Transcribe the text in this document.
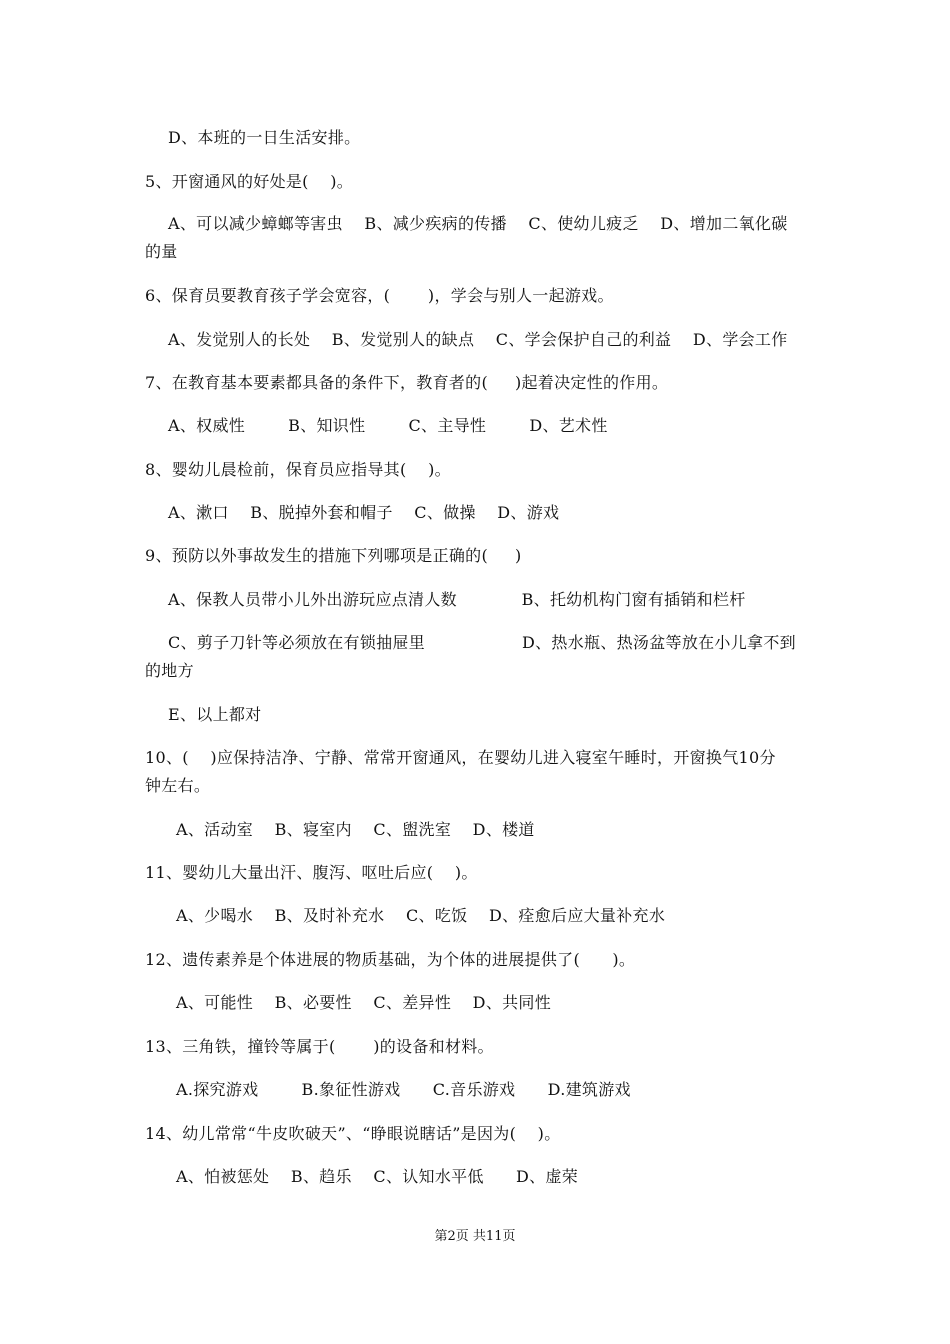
D、本班的一日生活安排。
5、开窗通风的好处是(    )。
A、可以减少蟑螂等害虫    B、减少疾病的传播    C、使幼儿疲乏    D、增加二氧化碳
的量
6、保育员要教育孩子学会宽容，(       )，学会与别人一起游戏。
A、发觉别人的长处    B、发觉别人的缺点    C、学会保护自己的利益    D、学会工作
7、在教育基本要素都具备的条件下，教育者的(     )起着决定性的作用。
A、权威性        B、知识性        C、主导性        D、艺术性
8、婴幼儿晨检前，保育员应指导其(    )。
A、漱口    B、脱掉外套和帽子    C、做操    D、游戏
9、预防以外事故发生的措施下列哪项是正确的(     )
A、保教人员带小儿外出游玩应点清人数            B、托幼机构门窗有插销和栏杆
C、剪子刀针等必须放在有锁抽屉里                  D、热水瓶、热汤盆等放在小儿拿不到
的地方
E、以上都对
10、(    )应保持洁净、宁静、常常开窗通风，在婴幼儿进入寝室午睡时，开窗换气10分
钟左右。
A、活动室    B、寝室内    C、盥洗室    D、楼道
11、婴幼儿大量出汗、腹泻、呕吐后应(    )。
A、少喝水    B、及时补充水    C、吃饭    D、痊愈后应大量补充水
12、遗传素养是个体进展的物质基础，为个体的进展提供了(      )。
A、可能性    B、必要性    C、差异性    D、共同性
13、三角铁，撞铃等属于(       )的设备和材料。
A.探究游戏        B.象征性游戏      C.音乐游戏      D.建筑游戏
14、幼儿常常“牛皮吹破天”、“睁眼说瞎话”是因为(    )。
A、怕被惩处    B、趋乐    C、认知水平低      D、虚荣
第2页 共11页
